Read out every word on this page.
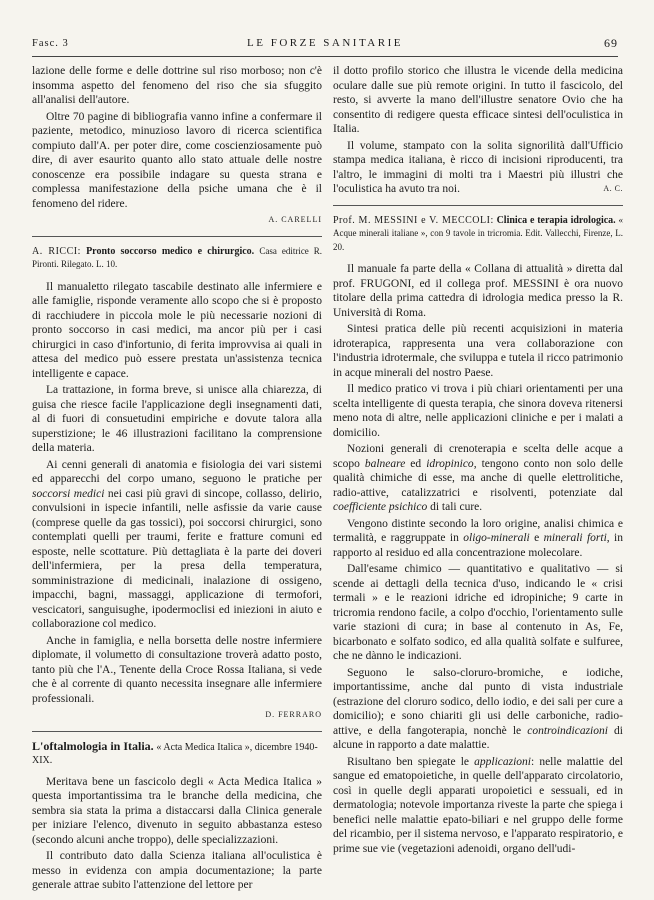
Fasc. 3	LE FORZE SANITARIE	69

lazione delle forme e delle dottrine sul riso morboso; non c'è insomma aspetto del fenomeno del riso che sia sfuggito all'analisi dell'autore.

Oltre 70 pagine di bibliografia vanno infine a confermare il paziente, metodico, minuzioso lavoro di ricerca scientifica compiuto dall'A. per poter dire, come coscienziosamente può dire, di aver esaurito quanto allo stato attuale delle nostre conoscenze era possibile indagare su questa strana e complessa manifestazione della psiche umana che è il fenomeno del ridere.

A. CARELLI
A. RICCI: Pronto soccorso medico e chirurgico. Casa editrice R. Pironti. Rilegato. L. 10.

Il manualetto rilegato tascabile destinato alle infermiere e alle famiglie, risponde veramente allo scopo che si è proposto di racchiudere in piccola mole le più necessarie nozioni di pronto soccorso in casi medici, ma ancor più per i casi chirurgici in caso d'infortunio, di ferita improvvisa ai quali in attesa del medico può essere prestata un'assistenza tecnica intelligente e capace.

La trattazione, in forma breve, si unisce alla chiarezza, di guisa che riesce facile l'applicazione degli insegnamenti dati, al di fuori di consuetudini empiriche e dovute talora alla superstizione; le 46 illustrazioni facilitano la comprensione della materia.

Ai cenni generali di anatomia e fisiologia dei vari sistemi ed apparecchi del corpo umano, seguono le pratiche per soccorsi medici nei casi più gravi di sincope, collasso, delirio, convulsioni in ispecie infantili, nelle asfissie da varie cause (comprese quelle da gas tossici), poi soccorsi chirurgici, sono contemplati quelli per traumi, ferite e fratture comuni ed esposte, nelle scottature. Più dettagliata è la parte dei doveri dell'infermiera, per la presa della temperatura, somministrazione di medicinali, inalazione di ossigeno, impacchi, bagni, massaggi, applicazione di termofori, vescicatori, sanguisughe, ipodermoclisi ed iniezioni in aiuto e collaborazione col medico.

Anche in famiglia, e nella borsetta delle nostre infermiere diplomate, il volumetto di consultazione troverà adatto posto, tanto più che l'A., Tenente della Croce Rossa Italiana, si vede che è al corrente di quanto necessita insegnare alle infermiere professionali.

D. FERRARO
L'oftalmologia in Italia. « Acta Medica Italica », dicembre 1940-XIX.

Meritava bene un fascicolo degli « Acta Medica Italica » questa importantissima tra le branche della medicina, che sembra sia stata la prima a distaccarsi dalla Clinica generale per iniziare l'elenco, divenuto in seguito abbastanza esteso (secondo alcuni anche troppo), delle specializzazioni.

Il contributo dato dalla Scienza italiana all'oculistica è messo in evidenza con ampia documentazione; la parte generale attrae subito l'attenzione del lettore per

il dotto profilo storico che illustra le vicende della medicina oculare dalle sue più remote origini. In tutto il fascicolo, del resto, si avverte la mano dell'illustre senatore Ovio che ha consentito di redigere questa efficace sintesi dell'oculistica in Italia.

Il volume, stampato con la solita signorilità dall'Ufficio stampa medica italiana, è ricco di incisioni riproducenti, tra l'altro, le immagini di molti tra i Maestri più illustri che l'oculistica ha avuto tra noi.	A. C.

Prof. M. MESSINI e V. MECCOLI: Clinica e terapia idrologica. « Acque minerali italiane », con 9 tavole in tricromia. Edit. Vallecchi, Firenze, L. 20.

Il manuale fa parte della « Collana di attualità » diretta dal prof. FRUGONI, ed il collega prof. MESSINI è ora nuovo titolare della prima cattedra di idrologia medica presso la R. Università di Roma.

Sintesi pratica delle più recenti acquisizioni in materia idroterapica, rappresenta una vera collaborazione con l'industria idrotermale, che sviluppa e tutela il ricco patrimonio in acque minerali del nostro Paese.

Il medico pratico vi trova i più chiari orientamenti per una scelta intelligente di questa terapia, che sinora doveva ritenersi meno nota di altre, nelle applicazioni cliniche e per i malati a domicilio.

Nozioni generali di crenoterapia e scelta delle acque a scopo balneare ed idropinico, tengono conto non solo delle qualità chimiche di esse, ma anche di quelle elettrolitiche, radio-attive, catalizzatrici e risolventi, potenziate dal coefficiente psichico di tali cure.

Vengono distinte secondo la loro origine, analisi chimica e termalità, e raggruppate in oligo-minerali e minerali forti, in rapporto al residuo ed alla concentrazione molecolare.

Dall'esame chimico — quantitativo e qualitativo — si scende ai dettagli della tecnica d'uso, indicando le « crisi termali » e le reazioni idriche ed idropiniche; 9 carte in tricromia rendono facile, a colpo d'occhio, l'orientamento sulle varie stazioni di cura; in base al contenuto in As, Fe, bicarbonato e solfato sodico, ed alla qualità solfate e sulfuree, che ne dànno le indicazioni.

Seguono le salso-cloruro-bromiche, e iodiche, importantissime, anche dal punto di vista industriale (estrazione del cloruro sodico, dello iodio, e dei sali per cure a domicilio); e sono chiariti gli usi delle carboniche, radio-attive, e della fangoterapia, nonchè le controindicazioni di alcune in rapporto a date malattie.

Risultano ben spiegate le applicazioni: nelle malattie del sangue ed ematopoietiche, in quelle dell'apparato circolatorio, così in quelle degli apparati uropoietici e sessuali, ed in dermatologia; notevole importanza riveste la parte che spiega i benefici nelle malattie epato-biliari e nel gruppo delle forme del ricambio, per il sistema nervoso, e l'apparato respiratorio, e prime sue vie (vegetazioni adenoidi, organo dell'udi-
